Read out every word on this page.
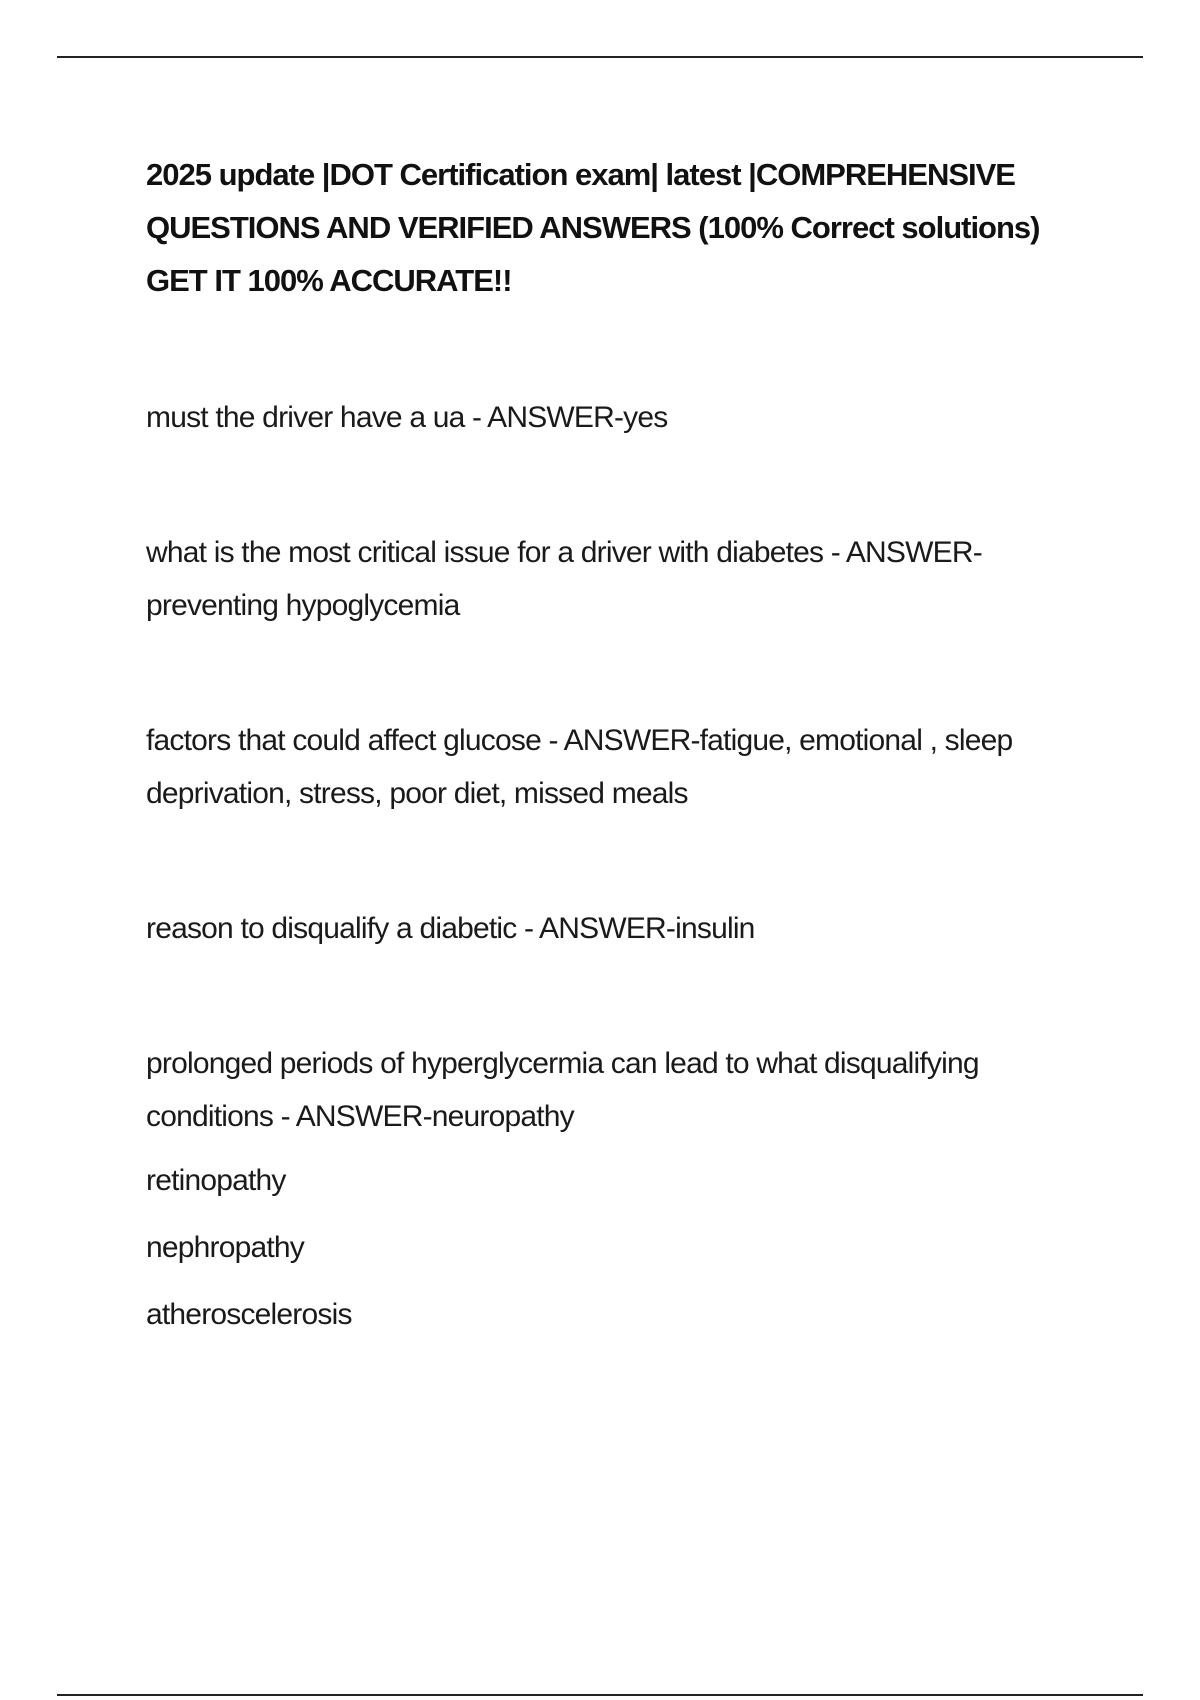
2025 update |DOT Certification exam| latest |COMPREHENSIVE QUESTIONS AND VERIFIED ANSWERS (100% Correct solutions) GET IT 100% ACCURATE!!

must the driver have a ua - ANSWER-yes

what is the most critical issue for a driver with diabetes - ANSWER-preventing hypoglycemia

factors that could affect glucose - ANSWER-fatigue, emotional , sleep deprivation, stress, poor diet, missed meals

reason to disqualify a diabetic - ANSWER-insulin

prolonged periods of hyperglycermia can lead to what disqualifying conditions - ANSWER-neuropathy

retinopathy
nephropathy
atheroscelerosis
